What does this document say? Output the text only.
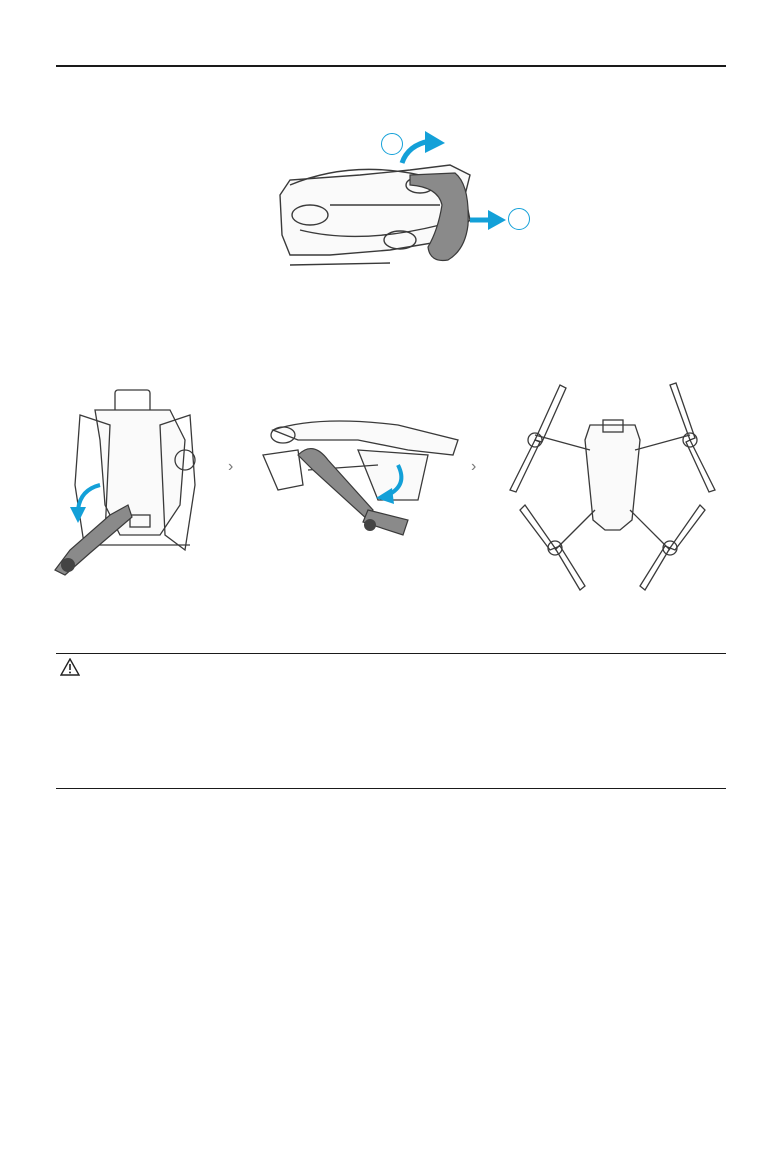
›	›
